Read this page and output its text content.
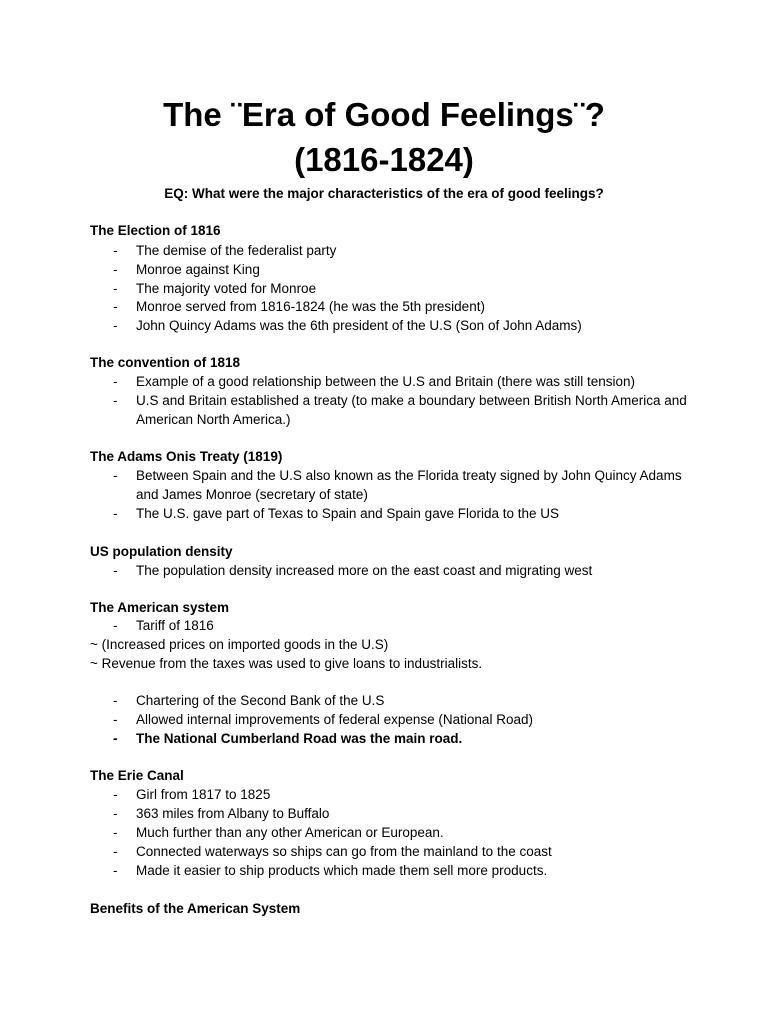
The ¨Era of Good Feelings¨?
(1816-1824)

EQ: What were the major characteristics of the era of good feelings?

The Election of 1816

-	The demise of the federalist party
-	Monroe against King
-	The majority voted for Monroe
-	Monroe served from 1816-1824 (he was the 5th president)
-	John Quincy Adams was the 6th president of the U.S (Son of John Adams)

The convention of 1818

-	Example of a good relationship between the U.S and Britain (there was still tension)
-	U.S and Britain established a treaty (to make a boundary between British North America and American North America.)

The Adams Onis Treaty (1819)

-	Between Spain and the U.S also known as the Florida treaty signed by John Quincy Adams and James Monroe (secretary of state)
-	The U.S. gave part of Texas to Spain and Spain gave Florida to the US

US population density

-	The population density increased more on the east coast and migrating west

The American system

-	Tariff of 1816

~ (Increased prices on imported goods in the U.S)

~ Revenue from the taxes was used to give loans to industrialists.

-	Chartering of the Second Bank of the U.S
-	Allowed internal improvements of federal expense (National Road)
-	The National Cumberland Road was the main road.

The Erie Canal

-	Girl from 1817 to 1825
-	363 miles from Albany to Buffalo
-	Much further than any other American or European.
-	Connected waterways so ships can go from the mainland to the coast
-	Made it easier to ship products which made them sell more products.

Benefits of the American System
